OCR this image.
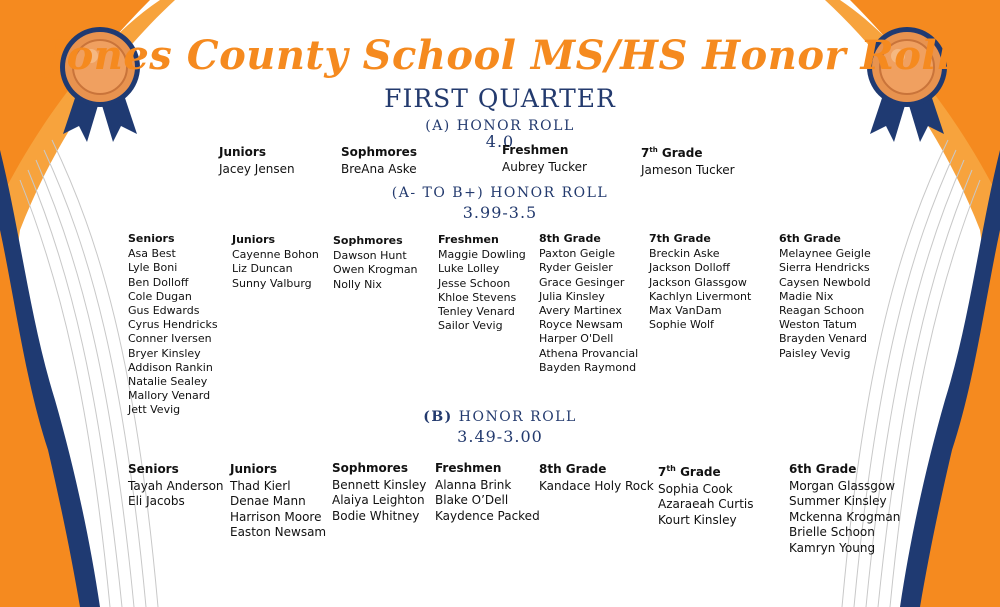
Jones County School MS/HS Honor Roll
FIRST QUARTER
(A) HONOR ROLL
4.0
Juniors
Jacey Jensen
Sophmores
BreAna Aske
Freshmen
Aubrey Tucker
7th Grade
Jameson Tucker
(A- TO B+) HONOR ROLL
3.99-3.5
Seniors
Asa Best
Lyle Boni
Ben Dolloff
Cole Dugan
Gus Edwards
Cyrus Hendricks
Conner Iversen
Bryer Kinsley
Addison Rankin
Natalie Sealey
Mallory Venard
Jett Vevig
Juniors
Cayenne Bohon
Liz Duncan
Sunny Valburg
Sophmores
Dawson Hunt
Owen Krogman
Nolly Nix
Freshmen
Maggie Dowling
Luke Lolley
Jesse Schoon
Khloe Stevens
Tenley Venard
Sailor Vevig
8th Grade
Paxton Geigle
Ryder Geisler
Grace Gesinger
Julia Kinsley
Avery Martinex
Royce Newsam
Harper O'Dell
Athena Provancial
Bayden Raymond
7th Grade
Breckin Aske
Jackson Dolloff
Jackson Glassgow
Kachlyn Livermont
Max VanDam
Sophie Wolf
6th Grade
Melaynee Geigle
Sierra Hendricks
Caysen Newbold
Madie Nix
Reagan Schoon
Weston Tatum
Brayden Venard
Paisley Vevig
(B) HONOR ROLL
3.49-3.00
Seniors
Tayah Anderson
Eli Jacobs
Juniors
Thad Kierl
Denae Mann
Harrison Moore
Easton Newsam
Sophmores
Bennett Kinsley
Alaiya Leighton
Bodie Whitney
Freshmen
Alanna Brink
Blake O’Dell
Kaydence Packed
8th Grade
Kandace Holy Rock
7th Grade
Sophia Cook
Azaraeah Curtis
Kourt Kinsley
6th Grade
Morgan Glassgow
Summer Kinsley
Mckenna Krogman
Brielle Schoon
Kamryn Young
